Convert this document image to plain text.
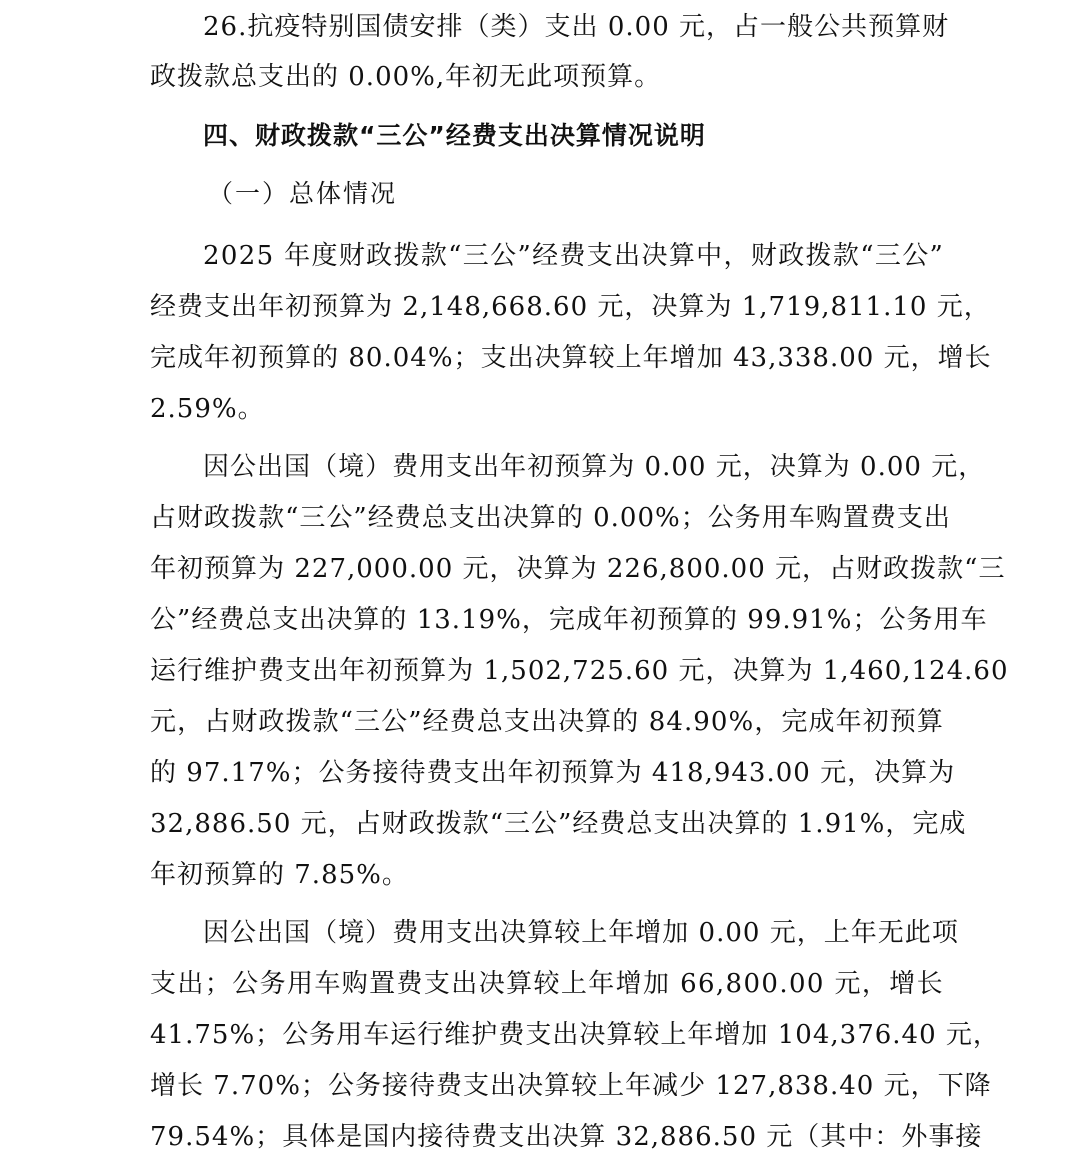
2 6 . 抗 疫 特 别 国 债 安 排 （ 类 ） 支 出
0 . 0 0
元 ， 占 一 般 公 共 预 算 财
政拨款总支出的 0.00%,年初无此项预算。
四、财政拨款“三公”经费支出决算情况说明
（一）总体情况
2 0 2 5
年 度 财 政 拨 款 “ 三 公 ” 经 费 支 出 决 算 中 ， 财 政 拨 款 “ 三 公 ”
经 费 支 出 年 初 预 算 为
2 , 1 4 8 , 6 6 8 . 6 0
元 ， 决 算 为
1 , 7 1 9 , 8 1 1 . 1 0
元 ，
完 成 年 初 预 算 的
8 0 . 0 4 % ； 支 出 决 算 较 上 年 增 加
4 3 , 3 3 8 . 0 0
元 ， 增 长
2.59%。
因 公 出 国 （ 境 ） 费 用 支 出 年 初 预 算 为
0 . 0 0
元 ， 决 算 为
0 . 0 0
元 ，
占 财 政 拨 款 “ 三 公 ” 经 费 总 支 出 决 算 的
0 . 0 0 % ； 公 务 用 车 购 置 费 支 出
年 初 预 算 为
2 2 7 , 0 0 0 . 0 0
元 ， 决 算 为
2 2 6 , 8 0 0 . 0 0
元 ， 占 财 政 拨 款 “ 三
公 ” 经 费 总 支 出 决 算 的
1 3 . 1 9 % ， 完 成 年 初 预 算 的
9 9 . 9 1 % ； 公 务 用 车
运 行 维 护 费 支 出 年 初 预 算 为
1 , 5 0 2 , 7 2 5 . 6 0
元 ， 决 算 为
1 , 4 6 0 , 1 2 4 . 6 0
元 ， 占 财 政 拨 款 “ 三 公 ” 经 费 总 支 出 决 算 的
8 4 . 9 0 % ， 完 成 年 初 预 算
的
9 7 . 1 7 % ； 公 务 接 待 费 支 出 年 初 预 算 为
4 1 8 , 9 4 3 . 0 0
元 ， 决 算 为
3 2 , 8 8 6 . 5 0
元 ， 占 财 政 拨 款 “ 三 公 ” 经 费 总 支 出 决 算 的
1 . 9 1 % ， 完 成
年初预算的 7.85%。
因 公 出 国 （ 境 ） 费 用 支 出 决 算 较 上 年 增 加
0 . 0 0
元 ， 上 年 无 此 项
支 出 ； 公 务 用 车 购 置 费 支 出 决 算 较 上 年 增 加
6 6 , 8 0 0 . 0 0
元 ， 增 长
4 1 . 7 5 % ； 公 务 用 车 运 行 维 护 费 支 出 决 算 较 上 年 增 加
1 0 4 , 3 7 6 . 4 0
元 ，
增 长
7 . 7 0 % ； 公 务 接 待 费 支 出 决 算 较 上 年 减 少
1 2 7 , 8 3 8 . 4 0
元 ， 下 降
7 9 . 5 4 % ； 具 体 是 国 内 接 待 费 支 出 决 算
3 2 , 8 8 6 . 5 0
元 （ 其 中 ： 外 事 接
